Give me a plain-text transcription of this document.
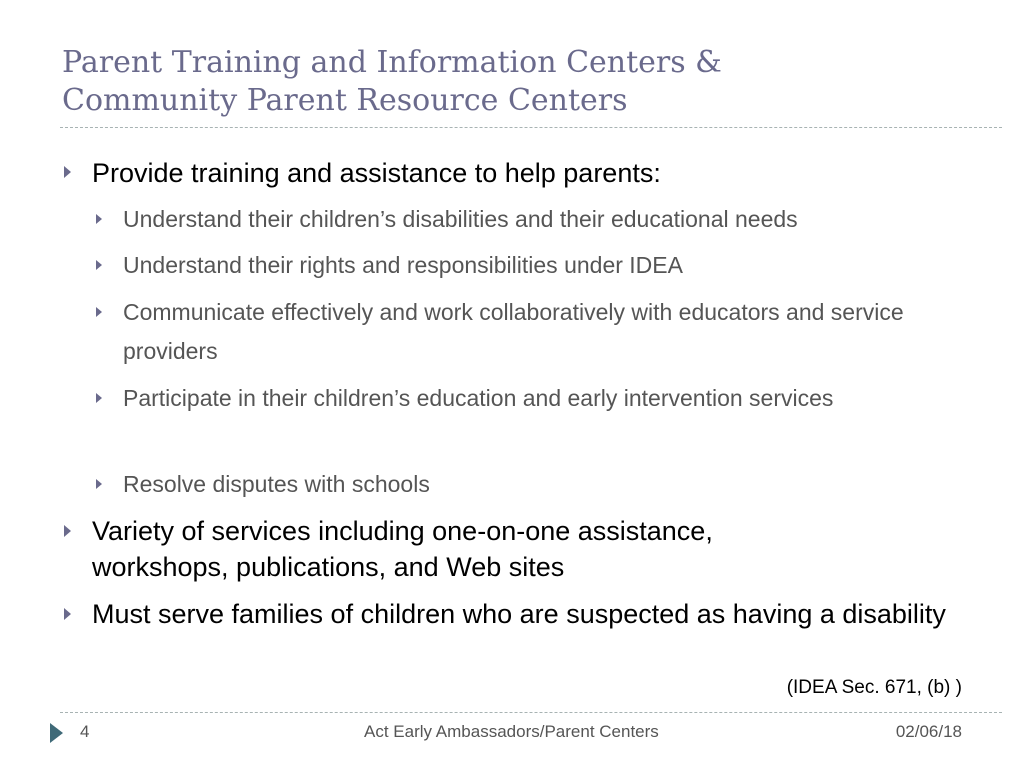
Parent Training and Information Centers &
Community Parent Resource Centers
Provide training and assistance to help parents:
Understand their children’s disabilities and their educational needs
Understand their rights and responsibilities under IDEA
Communicate effectively and work collaboratively with educators and service providers
Participate in their children’s education and early intervention services
Resolve disputes with schools
Variety of services including one-on-one assistance, workshops, publications, and Web sites
Must serve families of children who are suspected as having a disability
(IDEA Sec. 671, (b) )
4	Act Early Ambassadors/Parent Centers	02/06/18
